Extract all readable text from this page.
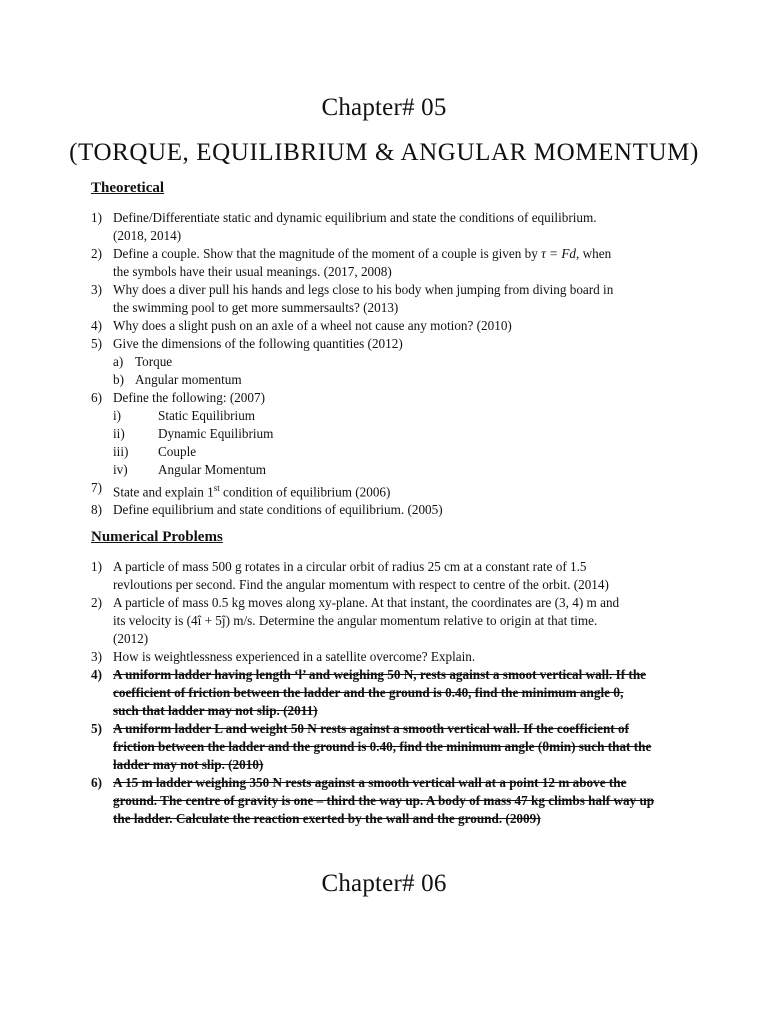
Chapter# 05
(TORQUE, EQUILIBRIUM & ANGULAR MOMENTUM)
Theoretical
1) Define/Differentiate static and dynamic equilibrium and state the conditions of equilibrium.
(2018, 2014)
2) Define a couple. Show that the magnitude of the moment of a couple is given by τ = Fd, when
the symbols have their usual meanings. (2017, 2008)
3) Why does a diver pull his hands and legs close to his body when jumping from diving board in
the swimming pool to get more summersaults? (2013)
4) Why does a slight push on an axle of a wheel not cause any motion? (2010)
5) Give the dimensions of the following quantities (2012)
a) Torque
b) Angular momentum
6) Define the following: (2007)
i)	Static Equilibrium
ii)	Dynamic Equilibrium
iii) Couple
iv) Angular Momentum
7) State and explain 1st condition of equilibrium (2006)
8) Define equilibrium and state conditions of equilibrium. (2005)
Numerical Problems
1) A particle of mass 500 g rotates in a circular orbit of radius 25 cm at a constant rate of 1.5
revloutions per second. Find the angular momentum with respect to centre of the orbit. (2014)
2) A particle of mass 0.5 kg moves along xy-plane. At that instant, the coordinates are (3, 4) m and
its velocity is (4î + 5ĵ) m/s. Determine the angular momentum relative to origin at that time.
(2012)
3) How is weightlessness experienced in a satellite overcome? Explain.
4) A uniform ladder having length ‘l’ and weighing 50 N, rests against a smoot vertical wall. If the
coefficient of friction between the ladder and the ground is 0.40, find the minimum angle θ,
such that ladder may not slip. (2011)
5) A uniform ladder L and weight 50 N rests against a smooth vertical wall. If the coefficient of
friction between the ladder and the ground is 0.40, find the minimum angle (θmin) such that the
ladder may not slip. (2010)
6) A 15 m ladder weighing 350 N rests against a smooth vertical wall at a point 12 m above the
ground. The centre of gravity is one – third the way up. A body of mass 47 kg climbs half way up
the ladder. Calculate the reaction exerted by the wall and the ground. (2009)
Chapter# 06
